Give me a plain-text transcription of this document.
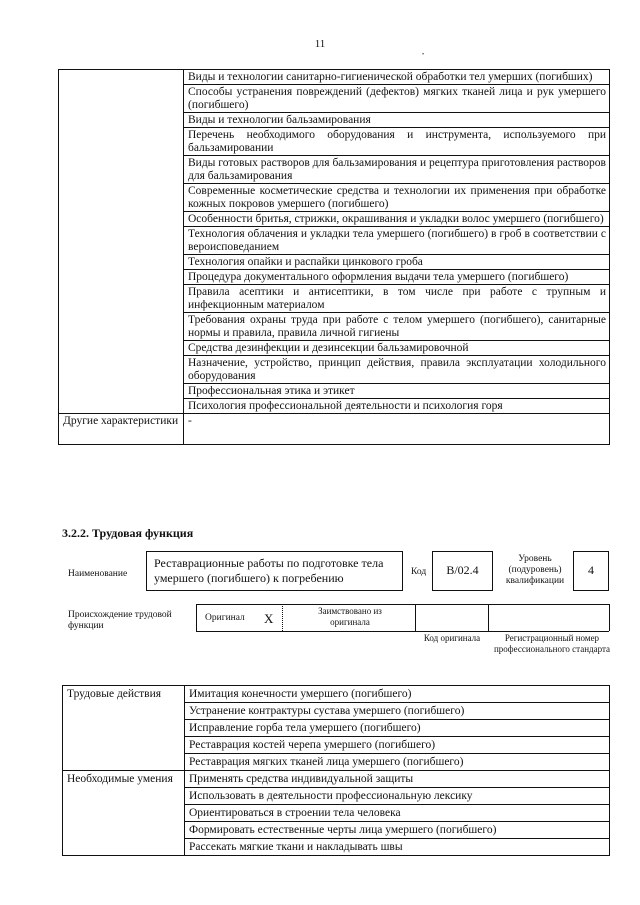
11
•
	Виды и технологии санитарно-гигиенической обработки тел умерших (погибших)
	Способы устранения повреждений (дефектов) мягких тканей лица и рук умершего (погибшего)
	Виды и технологии бальзамирования
	Перечень необходимого оборудования и инструмента, используемого при бальзамировании
	Виды готовых растворов для бальзамирования и рецептура приготовления растворов для бальзамирования
	Современные косметические средства и технологии их применения при обработке кожных покровов умершего (погибшего)
	Особенности бритья, стрижки, окрашивания и укладки волос умершего (погибшего)
	Технология облачения и укладки тела умершего (погибшего) в гроб в соответствии с вероисповеданием
	Технология опайки и распайки цинкового гроба
	Процедура документального оформления выдачи тела умершего (погибшего)
	Правила асептики и антисептики, в том числе при работе с трупным и инфекционным материалом
	Требования охраны труда при работе с телом умершего (погибшего), санитарные нормы и правила, правила личной гигиены
	Средства дезинфекции и дезинсекции бальзамировочной
	Назначение, устройство, принцип действия, правила эксплуатации холодильного оборудования
	Профессиональная этика и этикет
	Психология профессиональной деятельности и психология горя
Другие характеристики	-
3.2.2. Трудовая функция
Наименование
Реставрационные работы по подготовке тела умершего (погибшего) к погребению	Код	B/02.4
Уровень (подуровень) квалификации
4
Происхождение трудовой функции
Оригинал X	Заимствовано из оригинала
Код оригинала	Регистрационный номер профессионального стандарта
Трудовые действия	Имитация конечности умершего (погибшего)
	Устранение контрактуры сустава умершего (погибшего)
	Исправление горба тела умершего (погибшего)
	Реставрация костей черепа умершего (погибшего)
	Реставрация мягких тканей лица умершего (погибшего)
Необходимые умения	Применять средства индивидуальной защиты
	Использовать в деятельности профессиональную лексику
	Ориентироваться в строении тела человека
	Формировать естественные черты лица умершего (погибшего)
	Рассекать мягкие ткани и накладывать швы
